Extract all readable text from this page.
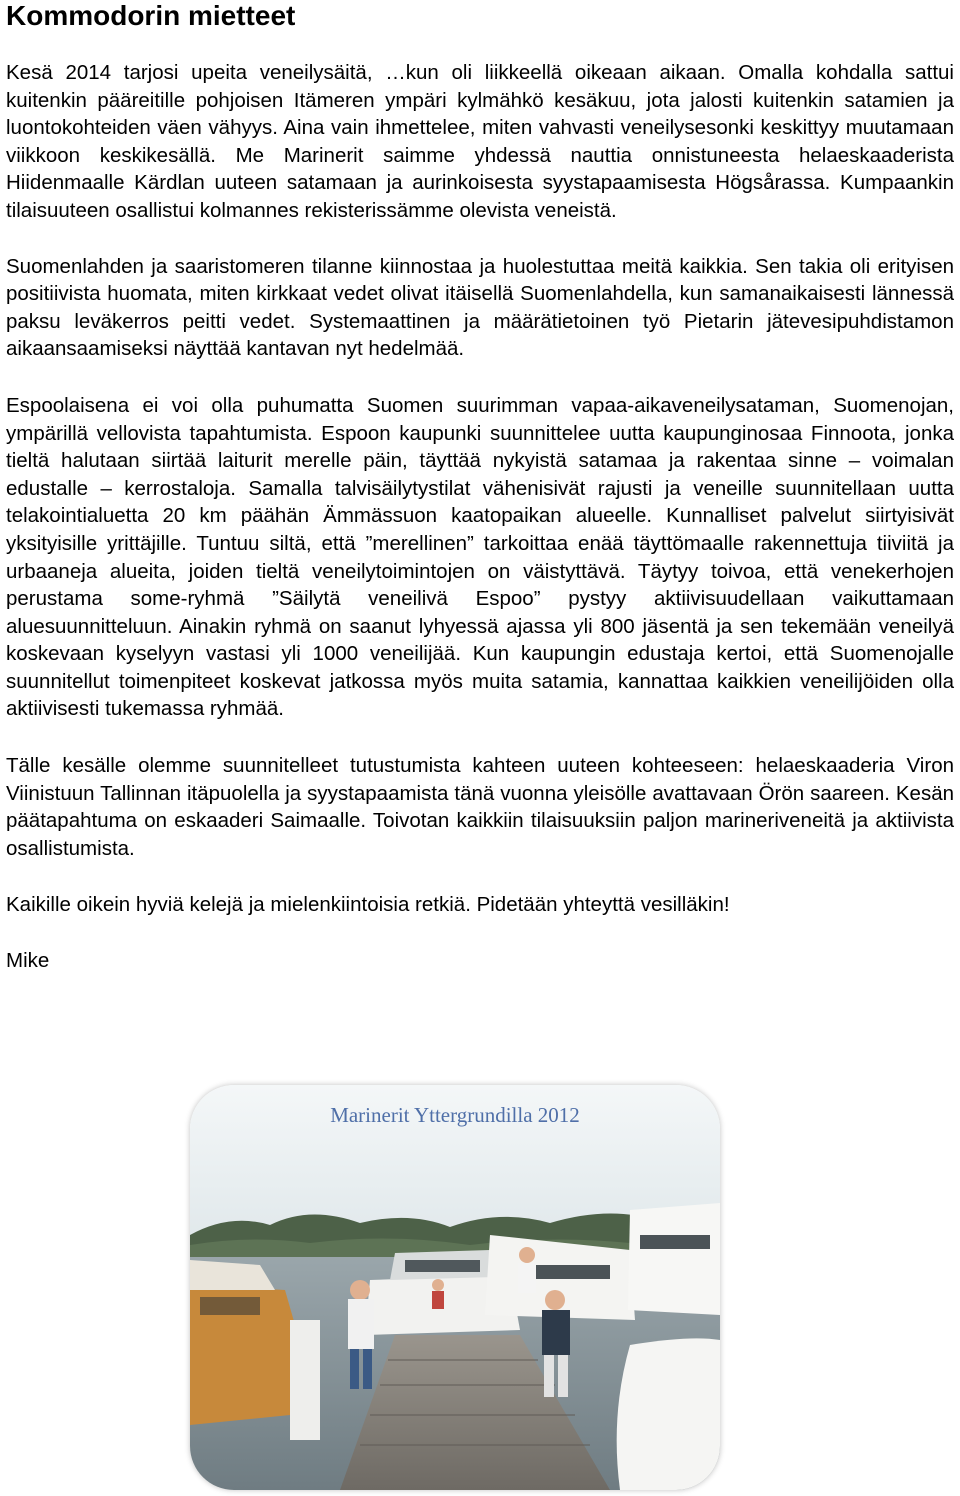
Kommodorin mietteet

Kesä 2014 tarjosi upeita veneilysäitä, …kun oli liikkeellä oikeaan aikaan. Omalla kohdalla sattui kuitenkin pääreitille pohjoisen Itämeren ympäri kylmähkö kesäkuu, jota jalosti kuitenkin satamien ja luontokohteiden väen vähyys. Aina vain ihmettelee, miten vahvasti veneilysesonki keskittyy muutamaan viikkoon keskikesällä. Me Marinerit saimme yhdessä nauttia onnistuneesta helaeskaaderista Hiidenmaalle Kärdlan uuteen satamaan ja aurinkoisesta syystapaamisesta Högsårassa. Kumpaankin tilaisuuteen osallistui kolmannes rekisterissämme olevista veneistä.

Suomenlahden ja saaristomeren tilanne kiinnostaa ja huolestuttaa meitä kaikkia. Sen takia oli erityisen positiivista huomata, miten kirkkaat vedet olivat itäisellä Suomenlahdella, kun samanaikaisesti lännessä paksu leväkerros peitti vedet. Systemaattinen ja määrätietoinen työ Pietarin jätevesipuhdistamon aikaansaamiseksi näyttää kantavan nyt hedelmää.

Espoolaisena ei voi olla puhumatta Suomen suurimman vapaa-aikaveneilysataman, Suomenojan, ympärillä vellovista tapahtumista. Espoon kaupunki suunnittelee uutta kaupunginosaa Finnoota, jonka tieltä halutaan siirtää laiturit merelle päin, täyttää nykyistä satamaa ja rakentaa sinne – voimalan edustalle – kerrostaloja. Samalla talvisäilytystilat vähenisivät rajusti ja veneille suunnitellaan uutta telakointialuetta 20 km päähän Ämmässuon kaatopaikan alueelle. Kunnalliset palvelut siirtyisivät yksityisille yrittäjille. Tuntuu siltä, että ”merellinen” tarkoittaa enää täyttömaalle rakennettuja tiiviitä ja urbaaneja alueita, joiden tieltä veneilytoimintojen on väistyttävä. Täytyy toivoa, että venekerhojen perustama some-ryhmä ”Säilytä veneilivä Espoo” pystyy aktiivisuudellaan vaikuttamaan aluesuunnitteluun. Ainakin ryhmä on saanut lyhyessä ajassa yli 800 jäsentä ja sen tekemään veneilyä koskevaan kyselyyn vastasi yli 1000 veneilijää. Kun kaupungin edustaja kertoi, että Suomenojalle suunnitellut toimenpiteet koskevat jatkossa myös muita satamia, kannattaa kaikkien veneilijöiden olla aktiivisesti tukemassa ryhmää.

Tälle kesälle olemme suunnitelleet tutustumista kahteen uuteen kohteeseen: helaeskaaderia Viron Viinistuun Tallinnan itäpuolella ja syystapaamista tänä vuonna yleisölle avattavaan Örön saareen. Kesän päätapahtuma on eskaaderi Saimaalle. Toivotan kaikkiin tilaisuuksiin paljon marineriveneitä ja aktiivista osallistumista.

Kaikille oikein hyviä kelejä ja mielenkiintoisia retkiä. Pidetään yhteyttä vesilläkin!

Mike

Marinerit Yttergrundilla 2012
